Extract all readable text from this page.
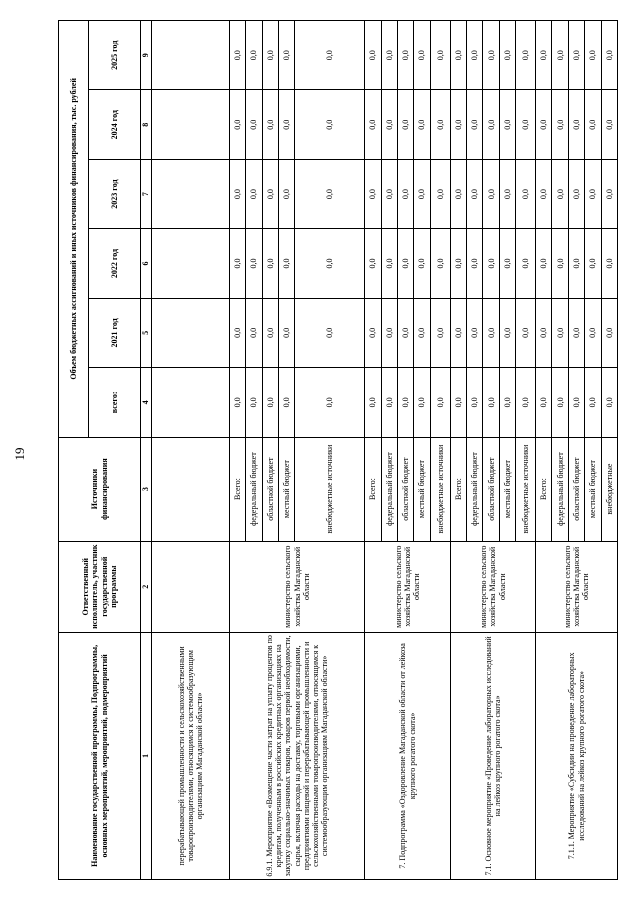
19
Наименование государственной программы, Подпрограммы, основных мероприятий, мероприятий, подмероприятий	Ответственный исполнитель, участник государственной программы	Источники финансирования	Объем бюджетных ассигнований и иных источников финансирования, тыс. рублей					
			всего:	2021 год	2022 год	2023 год	2024 год	2025 год
1	2	3	4	5	6	7	8	9
перерабатывающей промышленности и сельскохозяйственными товаропроизводителями, относящимся к системообразующим организациям Магаданской области»								
6.9.1. Мероприятие «Возмещение части затрат на уплату процентов по кредитам, полученным в российских кредитных организациях на закупку социально-значимых товаров, товаров первой необходимости, сырья, включая расходы на доставку, торговыми организациями, предприятиями пищевой и перерабатывающей промышленности и сельскохозяйственными товаропроизводителями, относящимся к системообразующим организациям Магаданской области»	министерство сельского хозяйства Магаданской области	Всего:	0,0	0,0	0,0	0,0	0,0	0,0
		федеральный бюджет	0,0	0,0	0,0	0,0	0,0	0,0
		областной бюджет	0,0	0,0	0,0	0,0	0,0	0,0
		местный бюджет	0,0	0,0	0,0	0,0	0,0	0,0
		внебюджетные источники	0,0	0,0	0,0	0,0	0,0	0,0
7. Подпрограмма «Оздоровление Магаданской области от лейкоза крупного рогатого скота»	министерство сельского хозяйства Магаданской области	Всего:	0,0	0,0	0,0	0,0	0,0	0,0
		федеральный бюджет	0,0	0,0	0,0	0,0	0,0	0,0
		областной бюджет	0,0	0,0	0,0	0,0	0,0	0,0
		местный бюджет	0,0	0,0	0,0	0,0	0,0	0,0
		внебюджетные источники	0,0	0,0	0,0	0,0	0,0	0,0
7.1. Основное мероприятие «Проведение лабораторных исследований на лейкоз крупного рогатого скота»	министерство сельского хозяйства Магаданской области	Всего:	0,0	0,0	0,0	0,0	0,0	0,0
		федеральный бюджет	0,0	0,0	0,0	0,0	0,0	0,0
		областной бюджет	0,0	0,0	0,0	0,0	0,0	0,0
		местный бюджет	0,0	0,0	0,0	0,0	0,0	0,0
		внебюджетные источники	0,0	0,0	0,0	0,0	0,0	0,0
7.1.1. Мероприятие «Субсидии на проведение лабораторных исследований на лейкоз крупного рогатого скота»	министерство сельского хозяйства Магаданской области	Всего:	0,0	0,0	0,0	0,0	0,0	0,0
		федеральный бюджет	0,0	0,0	0,0	0,0	0,0	0,0
		областной бюджет	0,0	0,0	0,0	0,0	0,0	0,0
		местный бюджет	0,0	0,0	0,0	0,0	0,0	0,0
		внебюджетные	0,0	0,0	0,0	0,0	0,0	0,0
